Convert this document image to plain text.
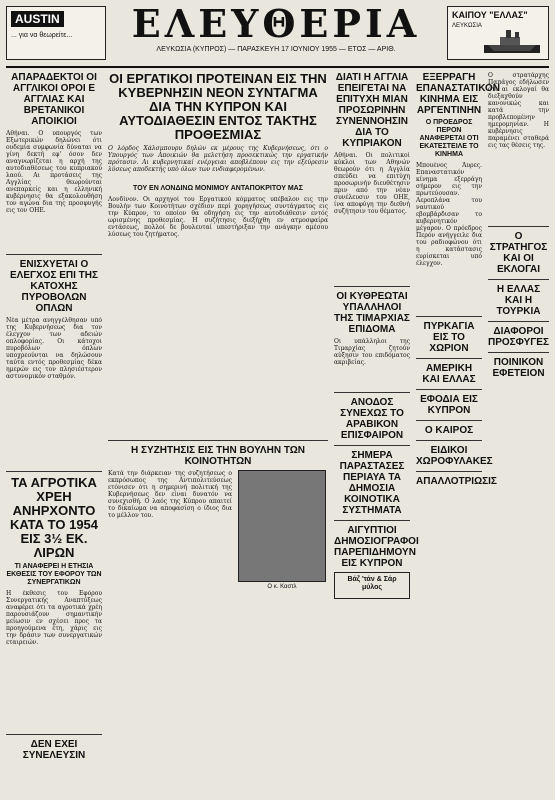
AUSTIN
... για να θεωρείτε...	ΕΛΕΥΘΕΡΙΑ
ΛΕΥΚΩΣΙΑ (ΚΥΠΡΟΣ) — ΠΑΡΑΣΚΕΥΗ 17 ΙΟΥΝΙΟΥ 1955 — ΕΤΟΣ — ΑΡΙΘ.
ΚΑΙΠΟΥ "ΕΛΛΑΣ"
ΛΕΥΚΩΣΙΑ
ΑΠΑΡΑΔΕΚΤΟΙ ΟΙ ΑΓΓΛΙΚΟΙ ΟΡΟΙ Ε ΑΓΓΛΙΑΣ ΚΑΙ ΒΡΕΤΑΝΙΚΟΙ ΑΠΟΙΚΙΟΙ
Αθήναι. Ο υπουργός των Εξωτερικών δηλώνει ότι ουδεμία συμφωνία δύναται να γίνη δεκτή εφ' όσον δεν αναγνωρίζεται η αρχή της αυτοδιαθέσεως του κυπριακού λαού. Αι προτάσεις της Αγγλίας θεωρούνται ανεπαρκείς και η ελληνική κυβέρνησις θα εξακολουθήση τον αγώνα δια της προσφυγής εις τον ΟΗΕ.
ΕΝΙΣΧΥΕΤΑΙ Ο ΕΛΕΓΧΟΣ ΕΠΙ ΤΗΣ ΚΑΤΟΧΗΣ ΠΥΡΟΒΟΛΩΝ ΟΠΛΩΝ
Νέα μέτρα ανηγγέλθησαν υπό της Κυβερνήσεως δια τον έλεγχον των αδειών οπλοφορίας. Οι κάτοχοι πυροβόλων όπλων υποχρεούνται να δηλώσουν ταύτα εντός προθεσμίας δέκα ημερών εις τον πλησιέστερον αστυνομικόν σταθμόν.
ΤΑ ΑΓΡΟΤΙΚΑ ΧΡΕΗ ΑΝΗΡΧΟΝΤΟ ΚΑΤΑ ΤΟ 1954 ΕΙΣ 3½ ΕΚ. ΛΙΡΩΝ
ΤΙ ΑΝΑΦΕΡΕΙ Η ΕΤΗΣΙΑ ΕΚΘΕΣΙΣ ΤΟΥ ΕΦΟΡΟΥ ΤΩΝ ΣΥΝΕΡΓΑΤΙΚΩΝ
Η έκθεσις του Εφόρου Συνεργατικής Αναπτύξεως αναφέρει ότι τα αγροτικά χρέη παρουσιάζουν σημαντικήν μείωσιν εν σχέσει προς τα προηγούμενα έτη, χάρις εις την δράσιν των συνεργατικών εταιρειών.
ΔΕΝ ΕΧΕΙ ΣΥΝΕΛΕΥΣΙΝ
ΟΙ ΕΡΓΑΤΙΚΟΙ ΠΡΟΤΕΙΝΑΝ ΕΙΣ ΤΗΝ ΚΥΒΕΡΝΗΣΙΝ ΝΕΟΝ ΣΥΝΤΑΓΜΑ ΔΙΑ ΤΗΝ ΚΥΠΡΟΝ ΚΑΙ ΑΥΤΟΔΙΑΘΕΣΙΝ ΕΝΤΟΣ ΤΑΚΤΗΣ ΠΡΟΘΕΣΜΙΑΣ
Ο λόρδος Χάλσμπουρυ δηλών εκ μέρους της Κυβερνήσεως, ότι ο Υπουργός των Αποικιών θα μελετήση προσεκτικώς την εργατικήν πρότασιν. Αι κυβερνητικαί ενέργειαι αποβλέπουν εις την εξεύρεσιν λύσεως αποδεκτής υπό όλων των ενδιαφερομένων.
ΤΟΥ ΕΝ ΛΟΝΔΙΝΩ ΜΟΝΙΜΟΥ ΑΝΤΑΠΟΚΡΙΤΟΥ ΜΑΣ
Λονδίνον. Οι αρχηγοί του Εργατικού κόμματος υπέβαλον εις την Βουλήν των Κοινοτήτων σχέδιον περί χορηγήσεως συντάγματος εις την Κύπρον, το οποίον θα οδηγήση εις την αυτοδιάθεσιν εντός ωρισμένης προθεσμίας. Η συζήτησις διεξήχθη εν ατμοσφαίρα εντάσεως, πολλοί δε βουλευταί υπεστήριξαν την ανάγκην αμέσου λύσεως του ζητήματος.
Η ΣΥΖΗΤΗΣΙΣ ΕΙΣ ΤΗΝ ΒΟΥΛΗΝ ΤΩΝ ΚΟΙΝΟΤΗΤΩΝ
Κατά την διάρκειαν της συζητήσεως ο εκπρόσωπος της Αντιπολιτεύσεως ετόνισεν ότι η σημερινή πολιτική της Κυβερνήσεως δεν είναι δυνατόν να συνεχισθή. Ο λαός της Κύπρου απαιτεί το δικαίωμα να αποφασίση ο ίδιος δια το μέλλον του.
Ο κ. Καστλ
ΔΙΑΤΙ Η ΑΓΓΛΙΑ ΕΠΕΙΓΕΤΑΙ ΝΑ ΕΠΙΤΥΧΗ ΜΙΑΝ ΠΡΟΣΩΡΙΝΗΝ ΣΥΝΕΝΝΟΗΣΙΝ ΔΙΑ ΤΟ ΚΥΠΡΙΑΚΟΝ
Αθήναι. Οι πολιτικοί κύκλοι των Αθηνών θεωρούν ότι η Αγγλία σπεύδει να επιτύχη προσωρινήν διευθέτησιν πριν από την νέαν συνέλευσιν του ΟΗΕ, ίνα αποφύγη την διεθνή συζήτησιν του θέματος.
ΟΙ ΚΥΘΡΕΩΤΑΙ ΥΠΑΛΛΗΛΟΙ ΤΗΣ ΤΙΜΑΡΧΙΑΣ ΕΠΙΔΟΜΑ
Οι υπάλληλοι της Τιμαρχίας ζητούν αύξησιν του επιδόματος ακριβείας.
ΑΝΟΔΟΣ ΣΥΝΕΧΩΣ ΤΟ ΑΡΑΒΙΚΟΝ ΕΠΙΣΦΑΙΡΟΝ
ΣΗΜΕΡΑ ΠΑΡΑΣΤΑΣΕΣ ΠΕΡΙΑΥΑ ΤΑ ΔΗΜΟΣΙΑ ΚΟΙΝΟΤΙΚΑ ΣΥΣΤΗΜΑΤΑ
ΑΙΓΥΠΤΙΟΙ ΔΗΜΟΣΙΟΓΡΑΦΟΙ ΠΑΡΕΠΙΔΗΜΟΥΝ ΕΙΣ ΚΥΠΡΟΝ
Βάζ 'τάν & Σάρ μύλος
ΕΞΕΡΡΑΓΗ ΕΠΑΝΑΣΤΑΤΙΚΟΝ ΚΙΝΗΜΑ ΕΙΣ ΑΡΓΕΝΤΙΝΗΝ
Ο ΠΡΟΕΔΡΟΣ ΠΕΡΟΝ ΑΝΑΦΕΡΕΤΑΙ ΟΤΙ ΕΚΑΤΕΣΤΕΙΛΕ ΤΟ ΚΙΝΗΜΑ
Μπουένος Άυρες. Επαναστατικόν κίνημα εξερράγη σήμερον εις την πρωτεύουσαν. Αεροπλάνα του ναυτικού εβομβάρδισαν το κυβερνητικόν μέγαρον. Ο πρόεδρος Περόν ανήγγειλε δια του ραδιοφώνου ότι η κατάστασις ευρίσκεται υπό έλεγχον.
ΠΥΡΚΑΓΙΑ ΕΙΣ ΤΟ ΧΩΡΙΟΝ
ΑΜΕΡΙΚΗ ΚΑΙ ΕΛΛΑΣ
ΕΦΟΔΙΑ ΕΙΣ ΚΥΠΡΟΝ
Ο ΚΑΙΡΟΣ
ΕΙΔΙΚΟΙ ΧΩΡΟΦΥΛΑΚΕΣ
ΑΠΑΛΛΟΤΡΙΩΣΙΣ
Ο στρατάρχης Παπάγος εδήλωσεν ότι αι εκλογαί θα διεξαχθούν κανονικώς και κατά την προβλεπομένην ημερομηνίαν. Η κυβέρνησις παραμένει σταθερά εις τας θέσεις της.
Ο ΣΤΡΑΤΗΓΟΣ ΚΑΙ ΟΙ ΕΚΛΟΓΑΙ
Η ΕΛΛΑΣ ΚΑΙ Η ΤΟΥΡΚΙΑ
ΔΙΑΦΟΡΟΙ ΠΡΟΣΦΥΓΕΣ
ΠΟΙΝΙΚΟΝ ΕΦΕΤΕΙΟΝ
